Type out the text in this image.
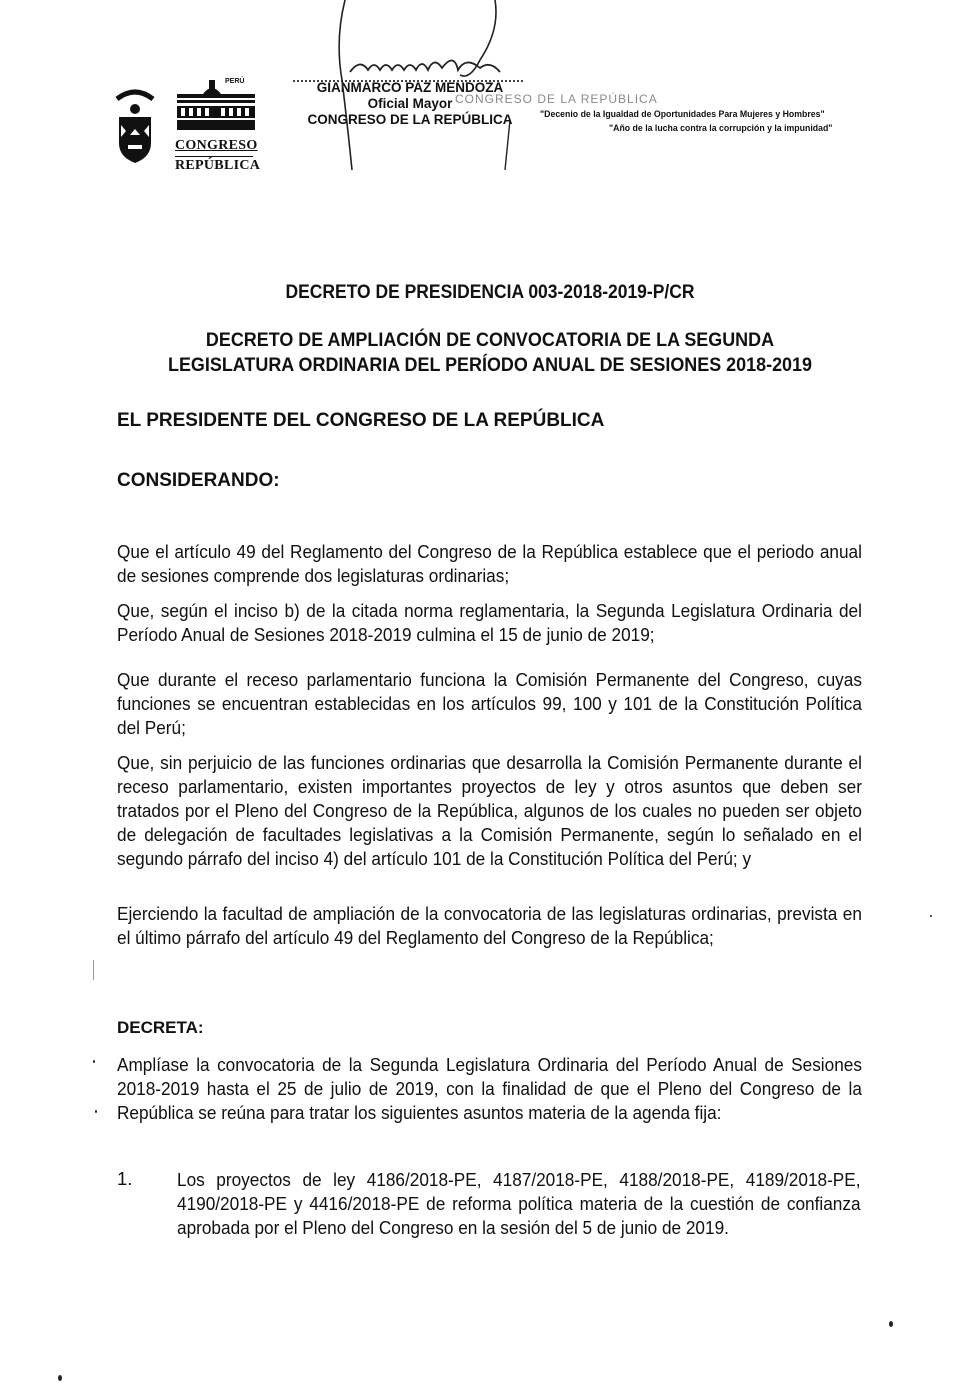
PERÚ
CONGRESO
REPÚBLICA
GIANMARCO PAZ MENDOZA
Oficial Mayor
CONGRESO DE LA REPÚBLICA
CONGRESO DE LA REPÚBLICA
"Decenio de la Igualdad de Oportunidades Para Mujeres y Hombres"
"Año de la lucha contra la corrupción y la impunidad"
DECRETO DE PRESIDENCIA 003-2018-2019-P/CR
DECRETO DE AMPLIACIÓN DE CONVOCATORIA DE LA SEGUNDA
LEGISLATURA ORDINARIA DEL PERÍODO ANUAL DE SESIONES 2018-2019
EL PRESIDENTE DEL CONGRESO DE LA REPÚBLICA
CONSIDERANDO:
Que el artículo 49 del Reglamento del Congreso de la República establece que el periodo anual de sesiones comprende dos legislaturas ordinarias;
Que, según el inciso b) de la citada norma reglamentaria, la Segunda Legislatura Ordinaria del Período Anual de Sesiones 2018-2019 culmina el 15 de junio de 2019;
Que durante el receso parlamentario funciona la Comisión Permanente del Congreso, cuyas funciones se encuentran establecidas en los artículos 99, 100 y 101 de la Constitución Política del Perú;
Que, sin perjuicio de las funciones ordinarias que desarrolla la Comisión Permanente durante el receso parlamentario, existen importantes proyectos de ley y otros asuntos que deben ser tratados por el Pleno del Congreso de la República, algunos de los cuales no pueden ser objeto de delegación de facultades legislativas a la Comisión Permanente, según lo señalado en el segundo párrafo del inciso 4) del artículo 101 de la Constitución Política del Perú; y
Ejerciendo la facultad de ampliación de la convocatoria de las legislaturas ordinarias, prevista en el último párrafo del artículo 49 del Reglamento del Congreso de la República;
DECRETA:
Amplíase la convocatoria de la Segunda Legislatura Ordinaria del Período Anual de Sesiones 2018-2019 hasta el 25 de julio de 2019, con la finalidad de que el Pleno del Congreso de la República se reúna para tratar los siguientes asuntos materia de la agenda fija:
1. Los proyectos de ley 4186/2018-PE, 4187/2018-PE, 4188/2018-PE, 4189/2018-PE, 4190/2018-PE y 4416/2018-PE de reforma política materia de la cuestión de confianza aprobada por el Pleno del Congreso en la sesión del 5 de junio de 2019.
